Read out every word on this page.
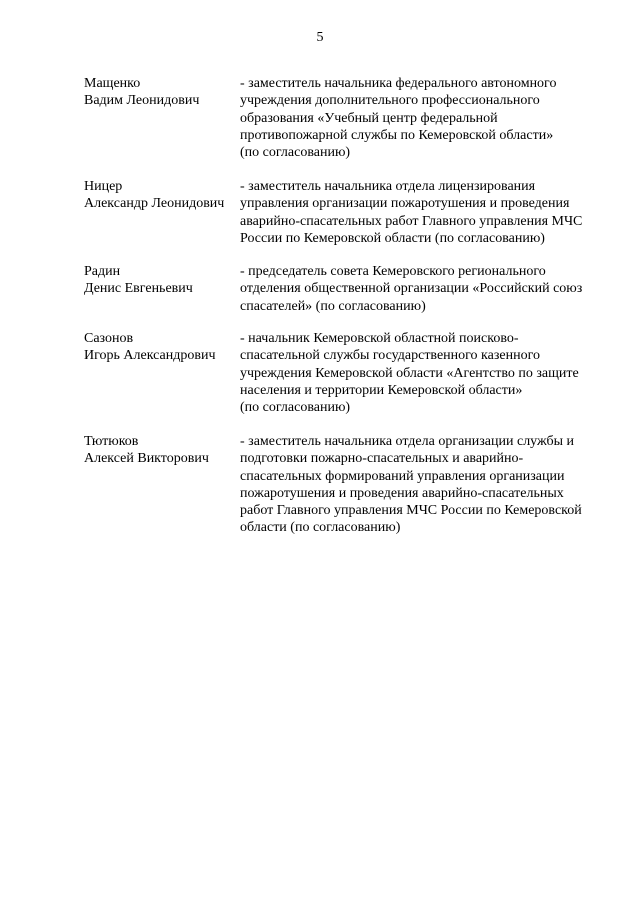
5
Мащенко
Вадим Леонидович
- заместитель начальника федерального автономного
учреждения дополнительного профессионального
образования «Учебный центр федеральной
противопожарной службы по Кемеровской области»
(по согласованию)
Ницер
Александр Леонидович
- заместитель начальника отдела лицензирования
управления организации пожаротушения и проведения
аварийно-спасательных работ Главного управления МЧС
России по Кемеровской области (по согласованию)
Радин
Денис Евгеньевич
- председатель совета Кемеровского регионального
отделения общественной организации «Российский союз
спасателей» (по согласованию)
Сазонов
Игорь Александрович
- начальник Кемеровской областной поисково-
спасательной службы государственного казенного
учреждения Кемеровской области «Агентство по защите
населения и территории Кемеровской области»
(по согласованию)
Тютюков
Алексей Викторович
- заместитель начальника отдела организации службы и
подготовки пожарно-спасательных и аварийно-
спасательных формирований управления организации
пожаротушения и проведения аварийно-спасательных
работ Главного управления МЧС России по Кемеровской
области (по согласованию)
